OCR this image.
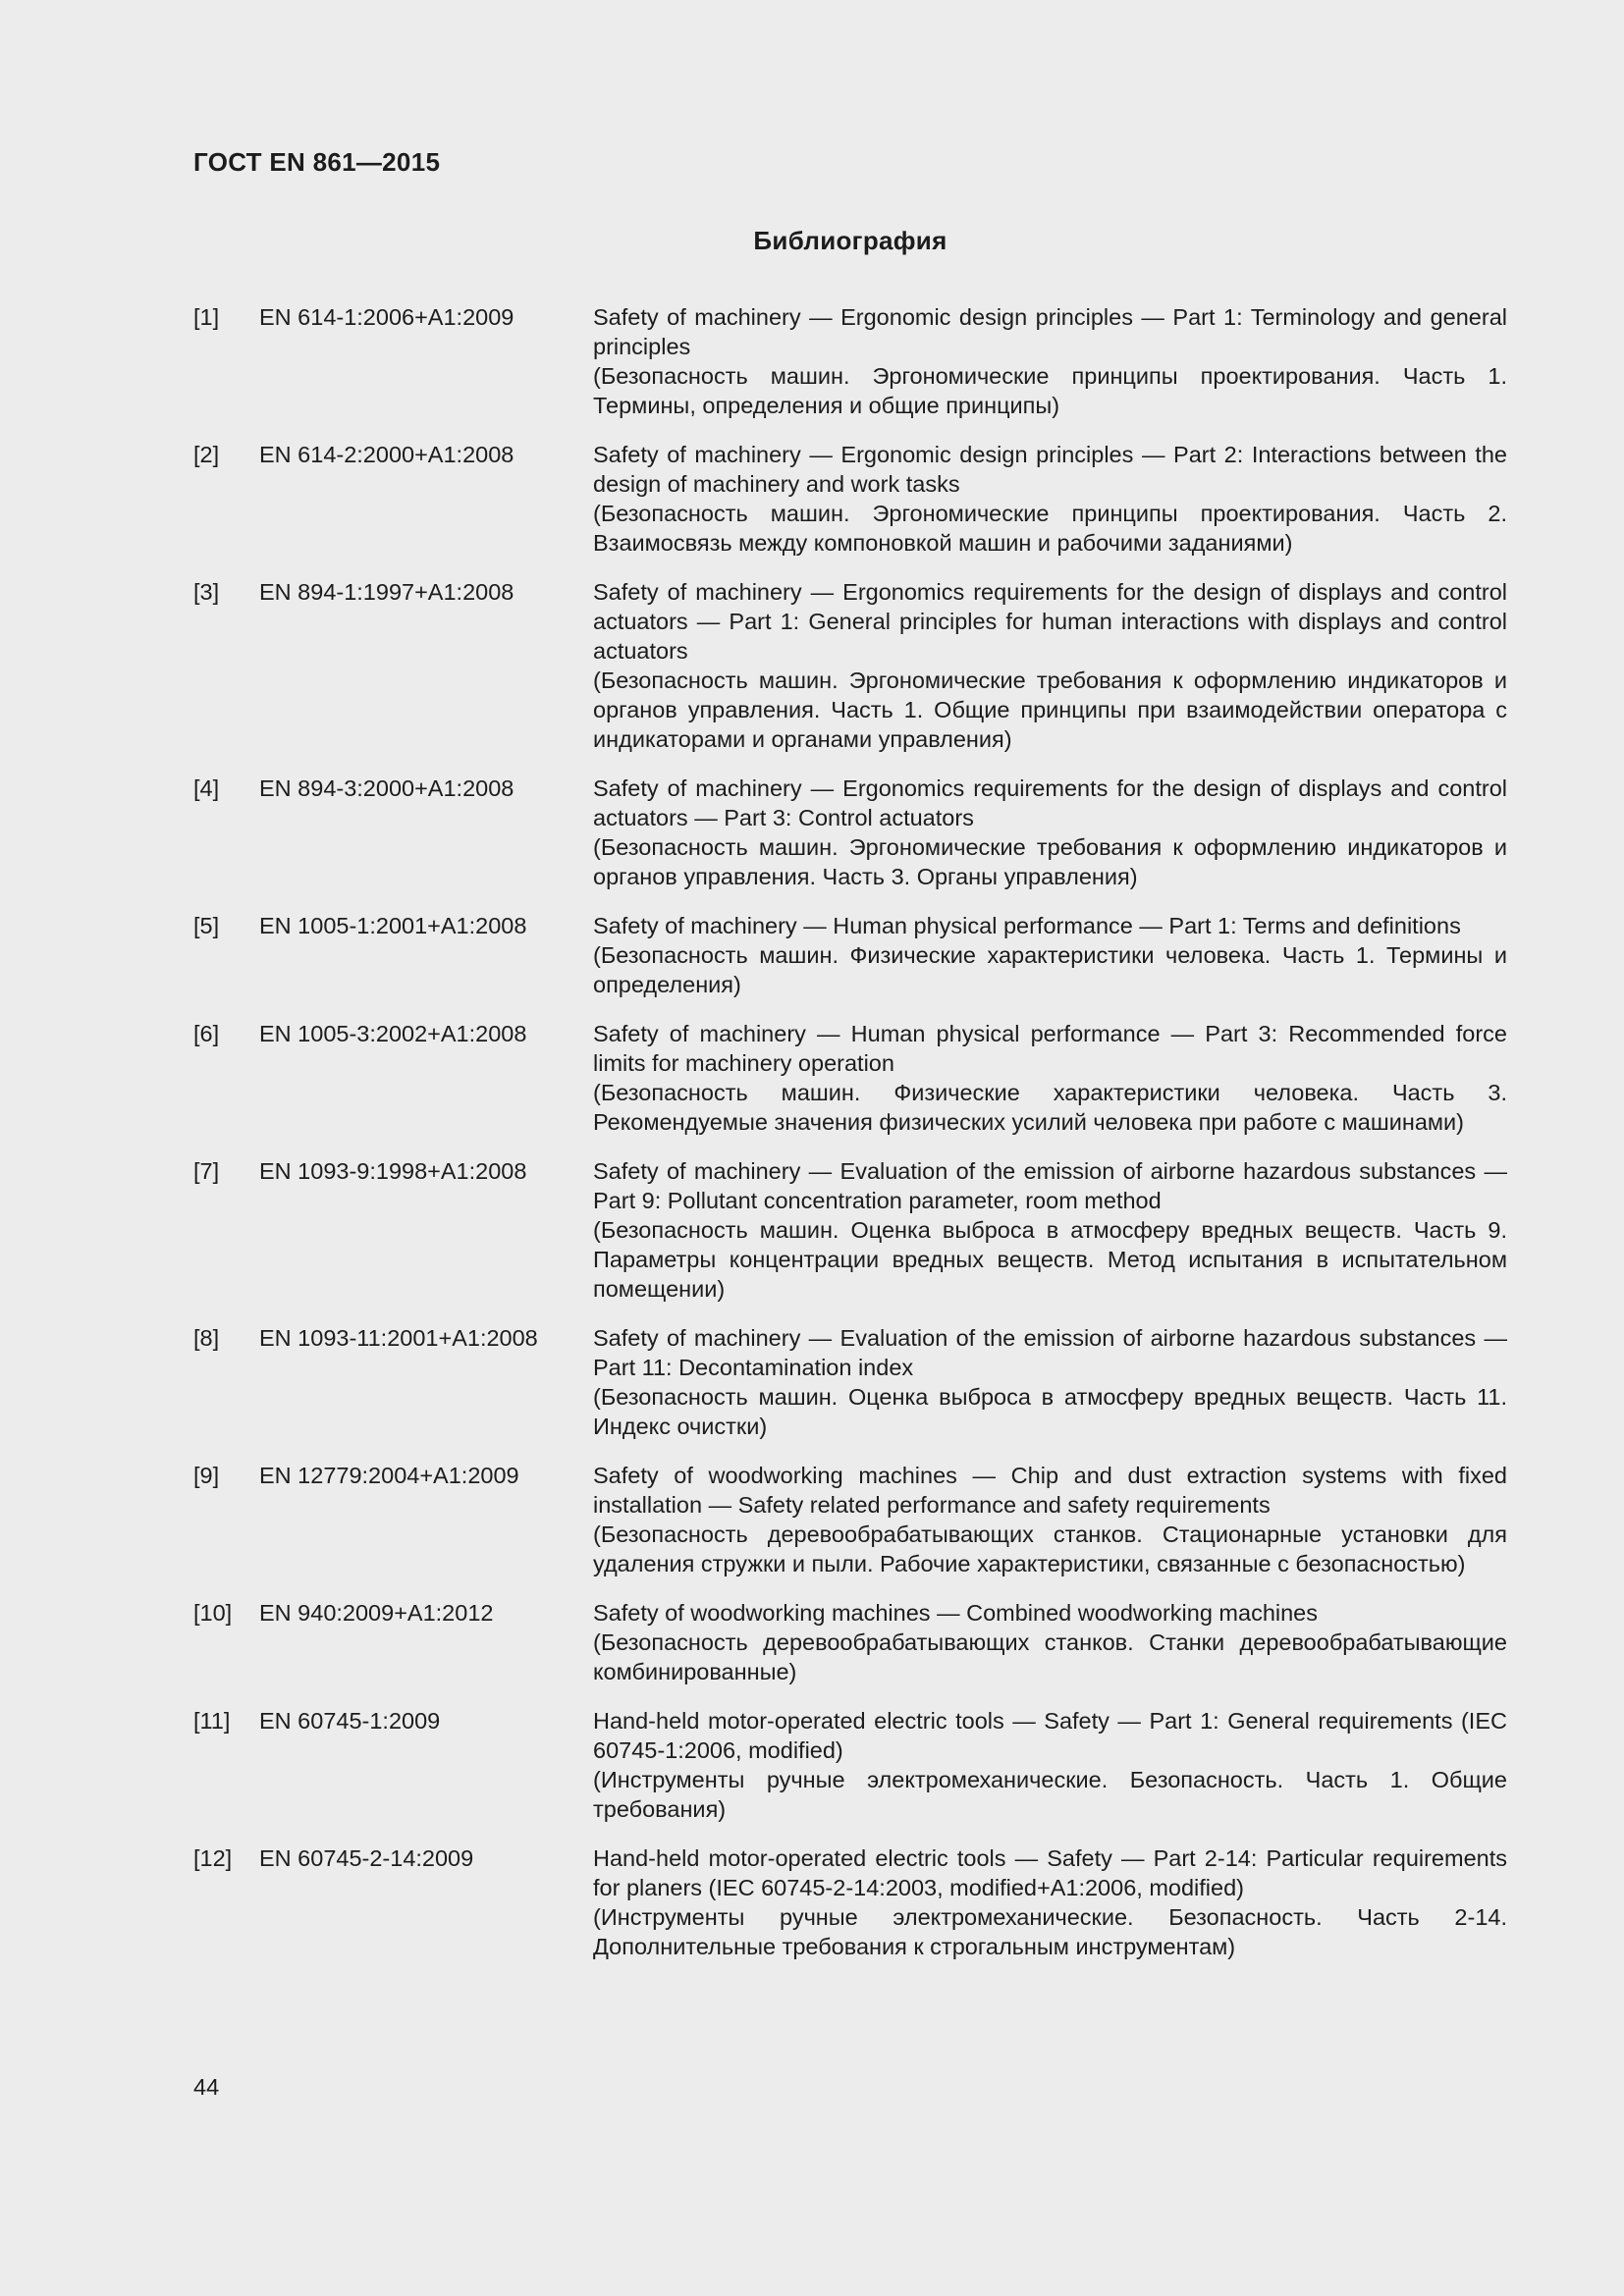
ГОСТ EN 861—2015
Библиография
[1]	EN 614-1:2006+A1:2009	Safety of machinery — Ergonomic design principles — Part 1: Terminology and general principles
(Безопасность машин. Эргономические принципы проектирования. Часть 1. Термины, определения и общие принципы)
[2]	EN 614-2:2000+A1:2008	Safety of machinery — Ergonomic design principles — Part 2: Interactions between the design of machinery and work tasks
(Безопасность машин. Эргономические принципы проектирования. Часть 2. Взаимосвязь между компоновкой машин и рабочими заданиями)
[3]	EN 894-1:1997+A1:2008	Safety of machinery — Ergonomics requirements for the design of displays and control actuators — Part 1: General principles for human interactions with displays and control actuators
(Безопасность машин. Эргономические требования к оформлению индикаторов и органов управления. Часть 1. Общие принципы при взаимодействии оператора с индикаторами и органами управления)
[4]	EN 894-3:2000+A1:2008	Safety of machinery — Ergonomics requirements for the design of displays and control actuators — Part 3: Control actuators
(Безопасность машин. Эргономические требования к оформлению индикаторов и органов управления. Часть 3. Органы управления)
[5]	EN 1005-1:2001+A1:2008	Safety of machinery — Human physical performance — Part 1: Terms and definitions
(Безопасность машин. Физические характеристики человека. Часть 1. Термины и определения)
[6]	EN 1005-3:2002+A1:2008	Safety of machinery — Human physical performance — Part 3: Recommended force limits for machinery operation
(Безопасность машин. Физические характеристики человека. Часть 3. Рекомендуемые значения физических усилий человека при работе с машинами)
[7]	EN 1093-9:1998+A1:2008	Safety of machinery — Evaluation of the emission of airborne hazardous substances — Part 9: Pollutant concentration parameter, room method
(Безопасность машин. Оценка выброса в атмосферу вредных веществ. Часть 9. Параметры концентрации вредных веществ. Метод испытания в испытательном помещении)
[8]	EN 1093-11:2001+A1:2008	Safety of machinery — Evaluation of the emission of airborne hazardous substances — Part 11: Decontamination index
(Безопасность машин. Оценка выброса в атмосферу вредных веществ. Часть 11. Индекс очистки)
[9]	EN 12779:2004+A1:2009	Safety of woodworking machines — Chip and dust extraction systems with fixed installation — Safety related performance and safety requirements
(Безопасность деревообрабатывающих станков. Стационарные установки для удаления стружки и пыли. Рабочие характеристики, связанные с безопасностью)
[10]	EN 940:2009+A1:2012	Safety of woodworking machines — Combined woodworking machines
(Безопасность деревообрабатывающих станков. Станки деревообрабатывающие комбинированные)
[11]	EN 60745-1:2009	Hand-held motor-operated electric tools — Safety — Part 1: General requirements (IEC 60745-1:2006, modified)
(Инструменты ручные электромеханические. Безопасность. Часть 1. Общие требования)
[12]	EN 60745-2-14:2009	Hand-held motor-operated electric tools — Safety — Part 2-14: Particular requirements for planers (IEC 60745-2-14:2003, modified+A1:2006, modified)
(Инструменты ручные электромеханические. Безопасность. Часть 2-14. Дополнительные требования к строгальным инструментам)
44
